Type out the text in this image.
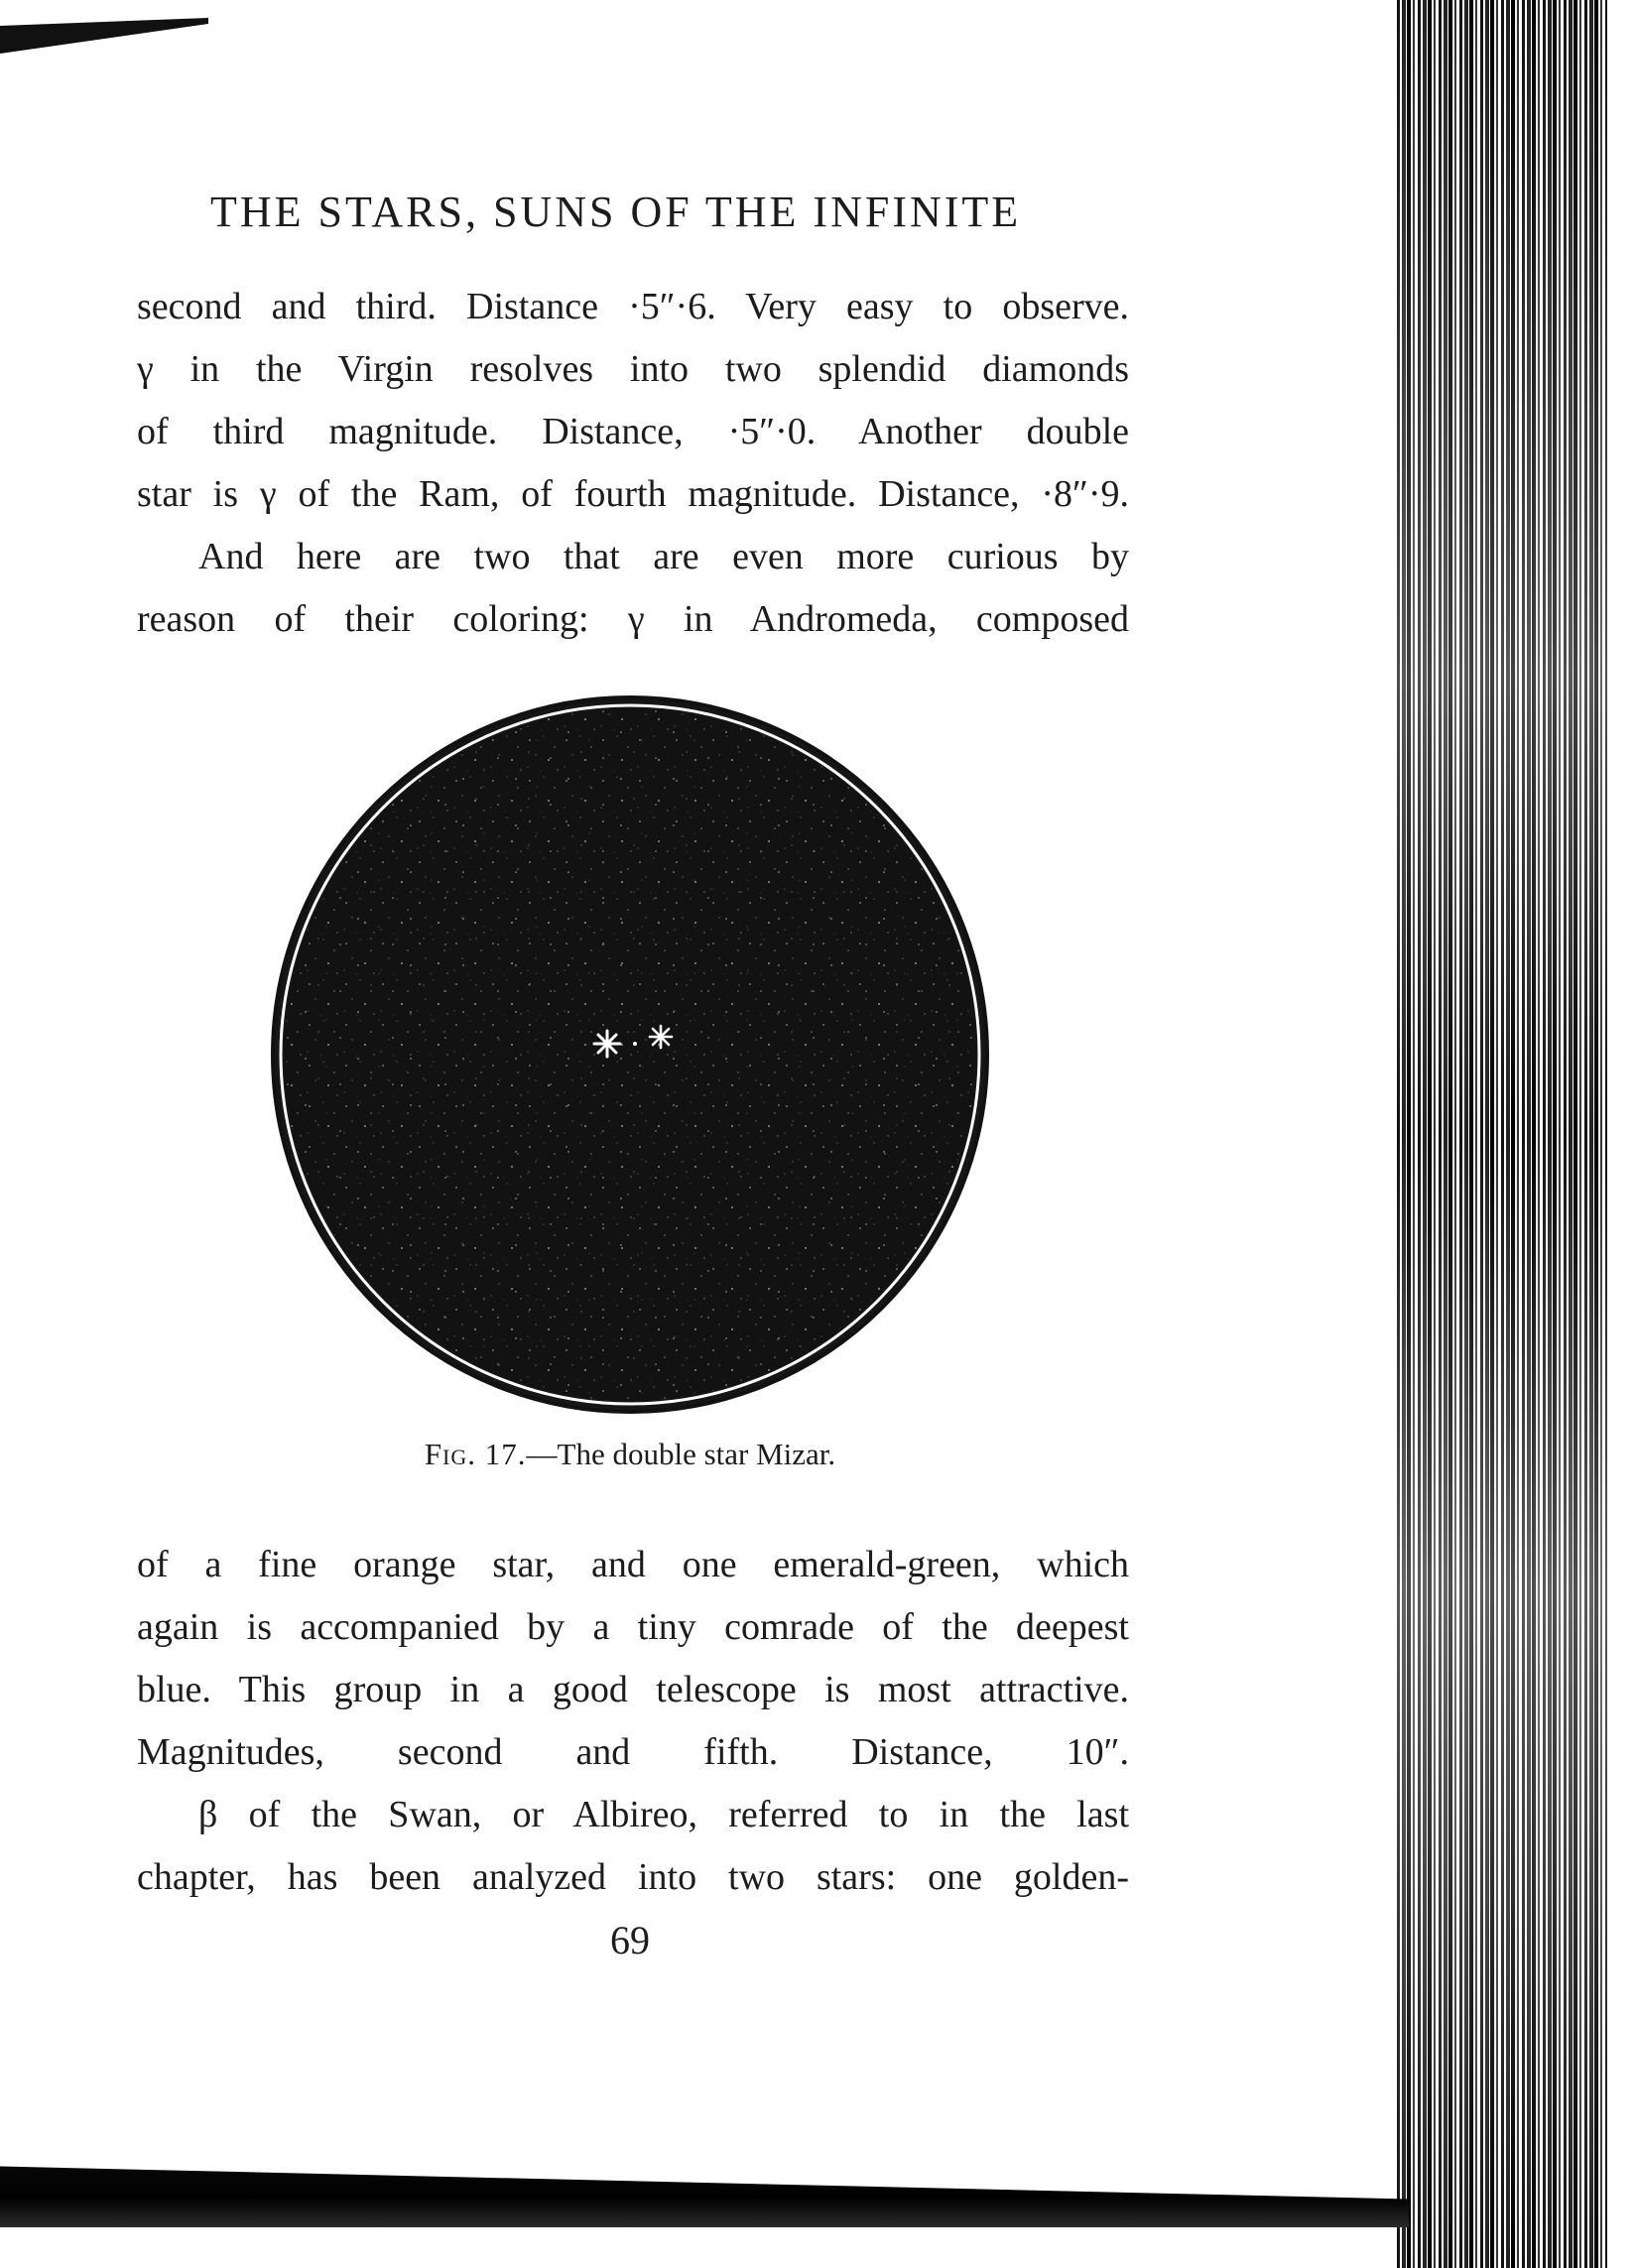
THE STARS, SUNS OF THE INFINITE
second and third. Distance ·5″·6. Very easy to observe.
γ in the Virgin resolves into two splendid diamonds
of third magnitude. Distance, ·5″·0. Another double
star is γ of the Ram, of fourth magnitude. Distance, ·8″·9.
And here are two that are even more curious by
reason of their coloring: γ in Andromeda, composed
Fig. 17.—The double star Mizar.
of a fine orange star, and one emerald-green, which
again is accompanied by a tiny comrade of the deepest
blue. This group in a good telescope is most attractive.
Magnitudes, second and fifth. Distance, 10″.
β of the Swan, or Albireo, referred to in the last
chapter, has been analyzed into two stars: one golden-
69
